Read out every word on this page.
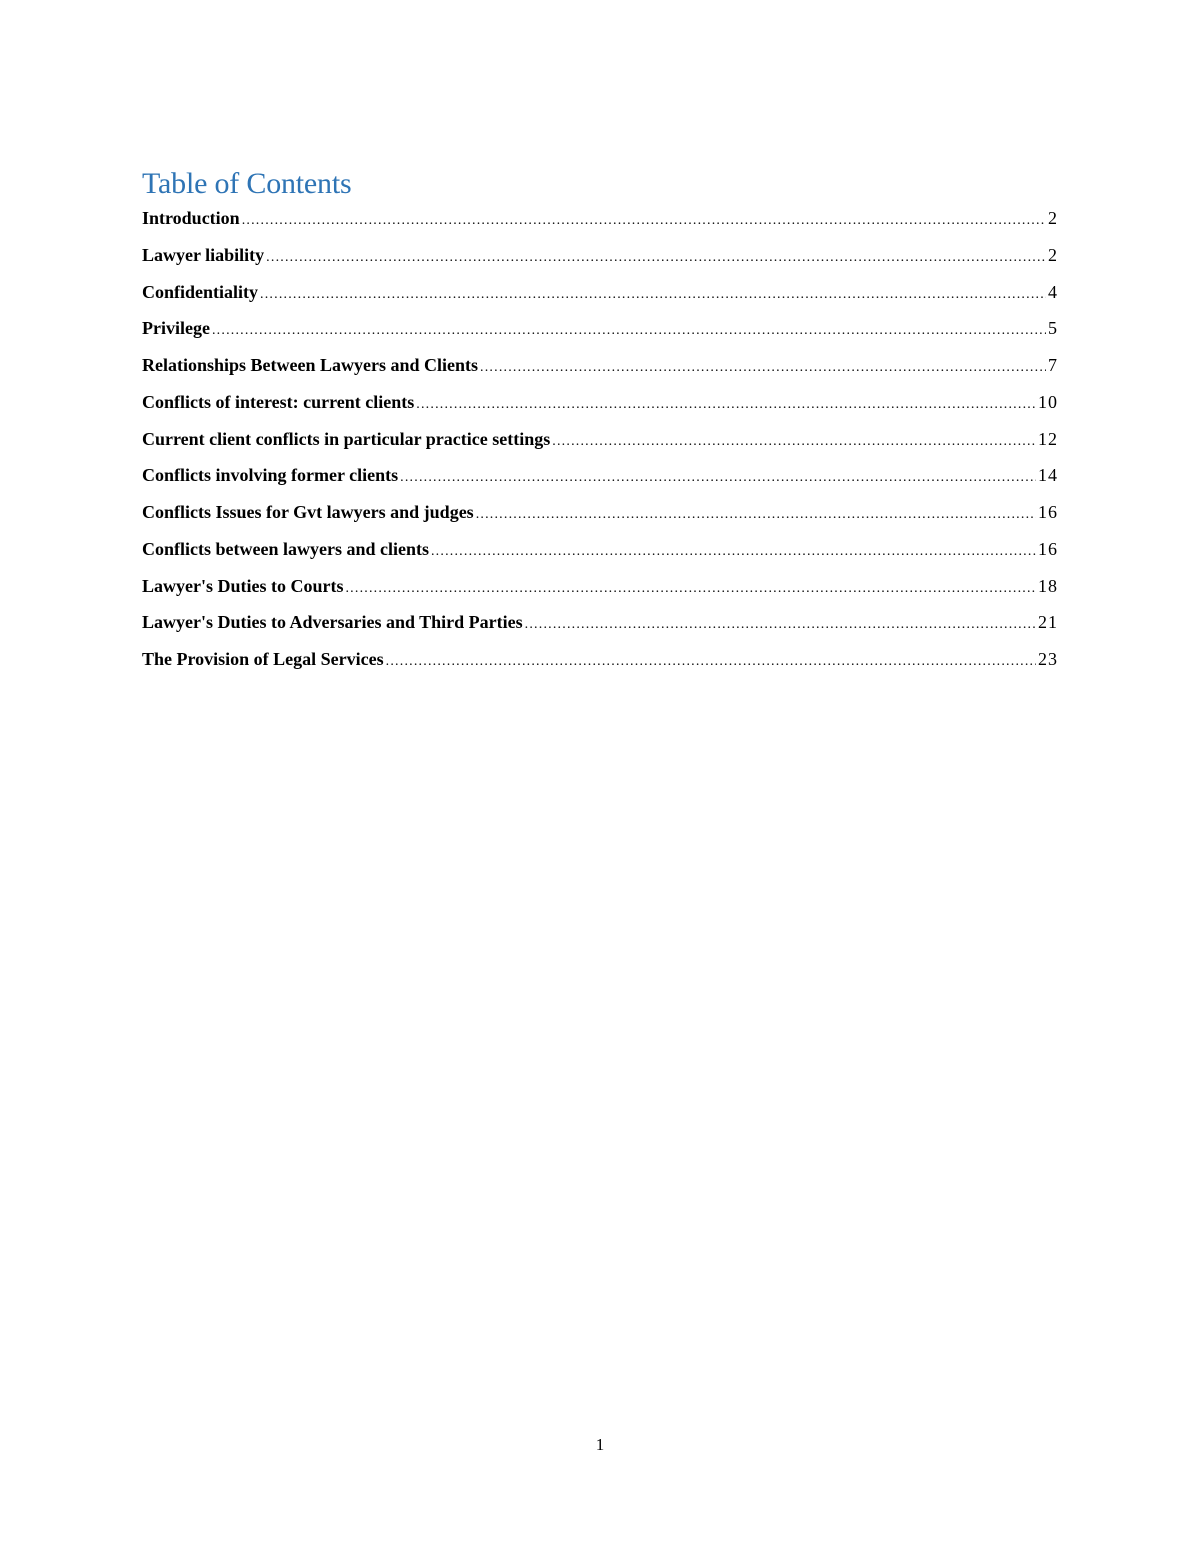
Table of Contents
Introduction .....	2
Lawyer liability .....	2
Confidentiality .....	4
Privilege .....	5
Relationships Between Lawyers and Clients .....	7
Conflicts of interest: current clients .....	10
Current client conflicts in particular practice settings .....	12
Conflicts involving former clients .....	14
Conflicts Issues for Gvt lawyers and judges .....	16
Conflicts between lawyers and clients .....	16
Lawyer's Duties to Courts .....	18
Lawyer's Duties to Adversaries and Third Parties .....	21
The Provision of Legal Services .....	23
1
